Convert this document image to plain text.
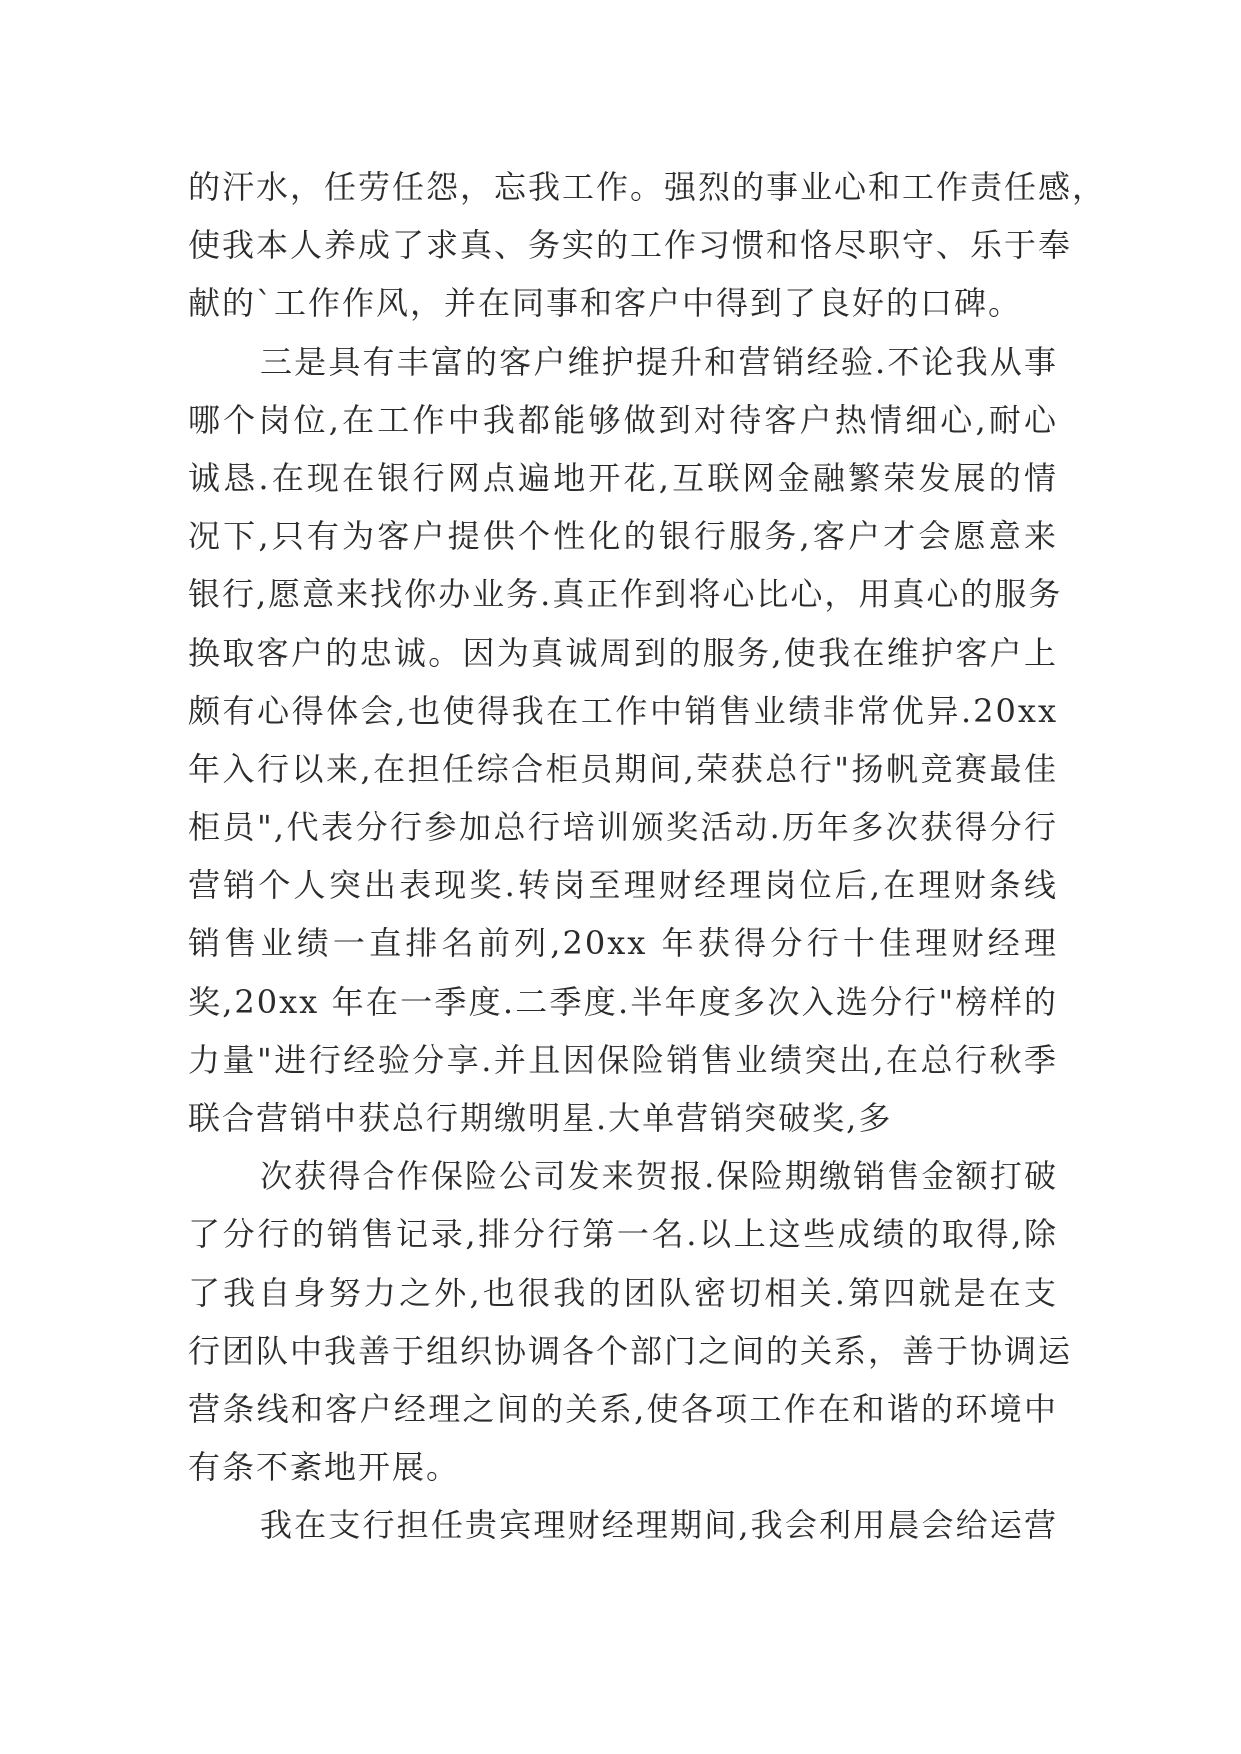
的汗水，任劳任怨，忘我工作。强烈的事业心和工作责任感，
使我本人养成了求真、务实的工作习惯和恪尽职守、乐于奉
献的`工作作风，并在同事和客户中得到了良好的口碑。
三是具有丰富的客户维护提升和营销经验.不论我从事
哪个岗位,在工作中我都能够做到对待客户热情细心,耐心
诚恳.在现在银行网点遍地开花,互联网金融繁荣发展的情
况下,只有为客户提供个性化的银行服务,客户才会愿意来
银行,愿意来找你办业务.真正作到将心比心，用真心的服务
换取客户的忠诚。因为真诚周到的服务,使我在维护客户上
颇有心得体会,也使得我在工作中销售业绩非常优异.20xx
年入行以来,在担任综合柜员期间,荣获总行"扬帆竞赛最佳
柜员",代表分行参加总行培训颁奖活动.历年多次获得分行
营销个人突出表现奖.转岗至理财经理岗位后,在理财条线
销售业绩一直排名前列,20xx 年获得分行十佳理财经理
奖,20xx 年在一季度.二季度.半年度多次入选分行"榜样的
力量"进行经验分享.并且因保险销售业绩突出,在总行秋季
联合营销中获总行期缴明星.大单营销突破奖,多
次获得合作保险公司发来贺报.保险期缴销售金额打破
了分行的销售记录,排分行第一名.以上这些成绩的取得,除
了我自身努力之外,也很我的团队密切相关.第四就是在支
行团队中我善于组织协调各个部门之间的关系，善于协调运
营条线和客户经理之间的关系,使各项工作在和谐的环境中
有条不紊地开展。
我在支行担任贵宾理财经理期间,我会利用晨会给运营
